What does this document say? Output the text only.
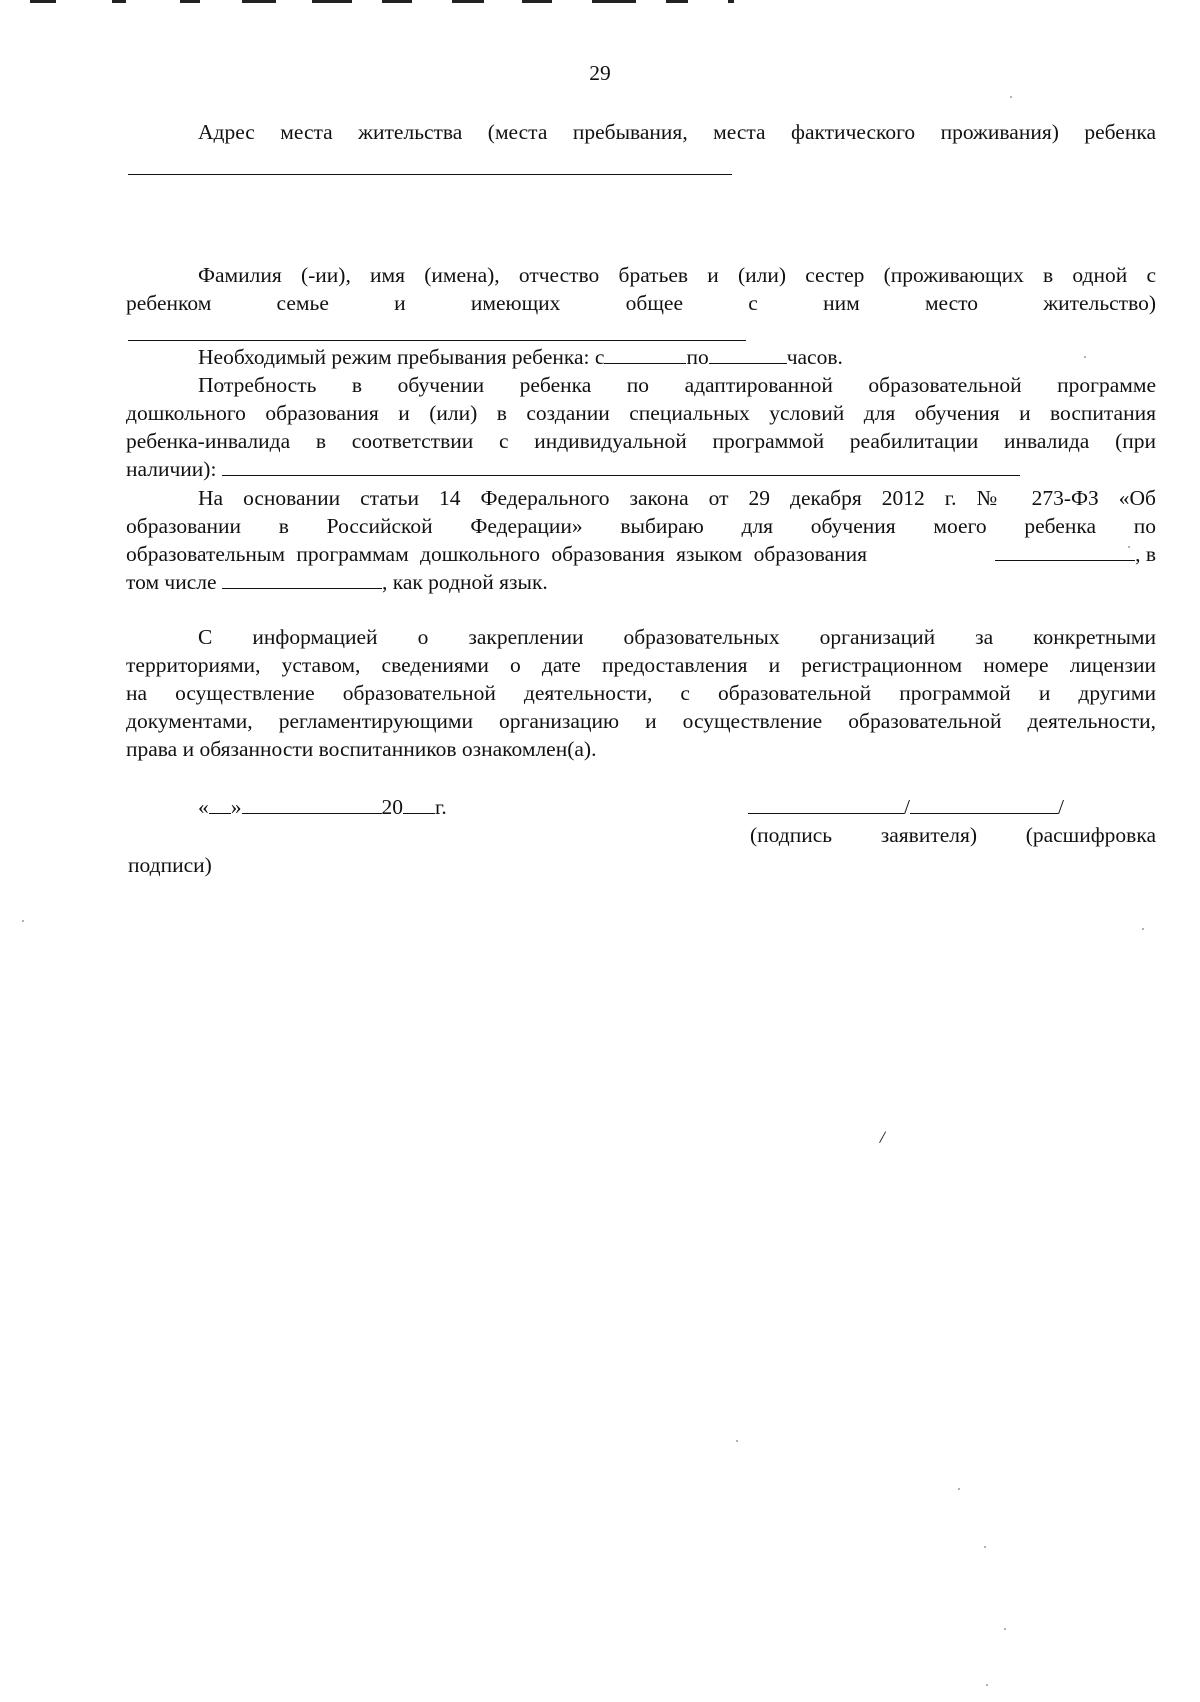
29
Адрес места жительства (места пребывания, места фактического проживания) ребенка
Фамилия (-ии), имя (имена), отчество братьев и (или) сестер (проживающих в одной с
ребенком семье и имеющих общее с ним место жительство)
Необходимый режим пребывания ребенка: с	по	часов.
Потребность в обучении ребенка по адаптированной образовательной программе
дошкольного образования и (или) в создании специальных условий для обучения и воспитания
ребенка-инвалида в соответствии с индивидуальной программой реабилитации инвалида (при
наличии):
На основании статьи 14 Федерального закона от 29 декабря 2012 г. № 273-ФЗ «Об
образовании в Российской Федерации» выбираю для обучения моего ребенка по
образовательным программам дошкольного образования языком образования	, в
том числе	, как родной язык.
С информацией о закреплении образовательных организаций за конкретными
территориями, уставом, сведениями о дате предоставления и регистрационном номере лицензии
на осуществление образовательной деятельности, с образовательной программой и другими
документами, регламентирующими организацию и осуществление образовательной деятельности,
права и обязанности воспитанников ознакомлен(а).
« »	20 г.	/	/
(подпись заявителя) (расшифровка
подписи)
/
